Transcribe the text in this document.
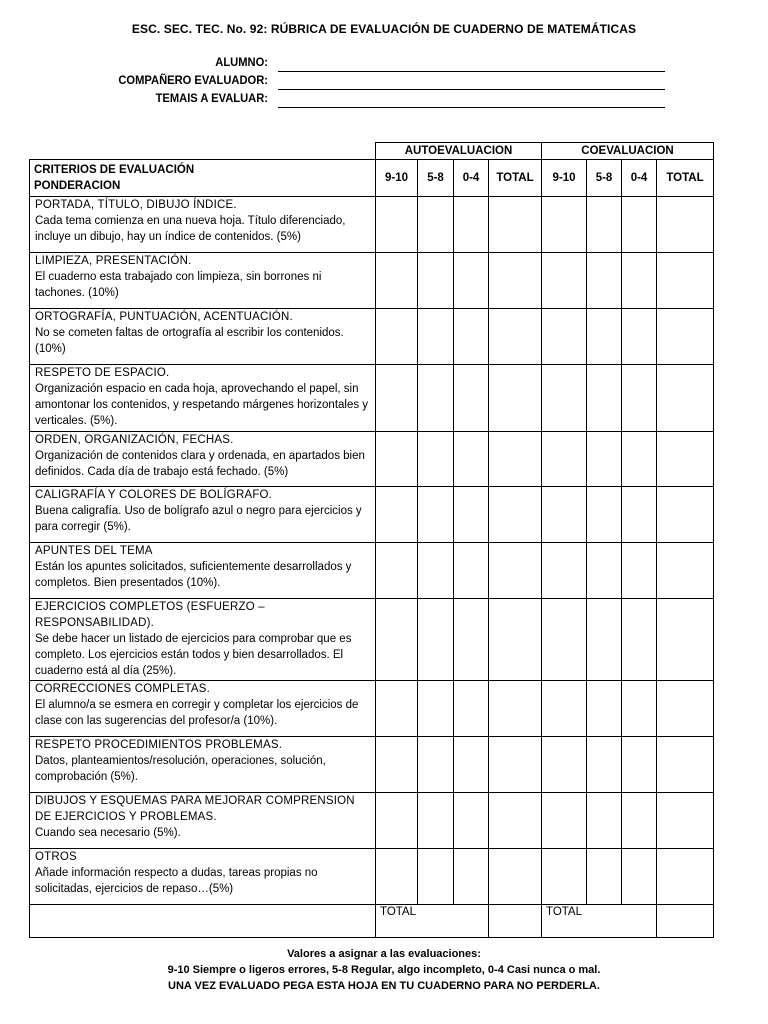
ESC. SEC. TEC. No. 92: RÚBRICA DE EVALUACIÓN DE CUADERNO DE MATEMÁTICAS
ALUMNO:
COMPAÑERO EVALUADOR:
TEMAIS A EVALUAR:
	AUTOEVALUACION				COEVALUACION			

CRITERIOS DE EVALUACIÓN
PONDERACION	9-10	5-8	0-4	TOTAL	9-10	5-8	0-4	TOTAL

PORTADA, TÍTULO, DIBUJO ÍNDICE.
Cada tema comienza en una nueva hoja. Título diferenciado, incluye un dibujo, hay un índice de contenidos. (5%)								

LIMPIEZA, PRESENTACIÓN.
El cuaderno esta trabajado con limpieza, sin borrones ni tachones. (10%)								

ORTOGRAFÍA, PUNTUACIÓN, ACENTUACIÓN.
No se cometen faltas de ortografía al escribir los contenidos. (10%)								

RESPETO DE ESPACIO.
Organización espacio en cada hoja, aprovechando el papel, sin amontonar los contenidos, y respetando márgenes horizontales y verticales. (5%).								

ORDEN, ORGANIZACIÓN, FECHAS.
Organización de contenidos clara y ordenada, en apartados bien definidos. Cada día de trabajo está fechado. (5%)								

CALIGRAFÍA Y COLORES DE BOLÍGRAFO.
Buena caligrafía. Uso de bolígrafo azul o negro para ejercicios y para corregir (5%).								

APUNTES DEL TEMA
Están los apuntes solicitados, suficientemente desarrollados y completos. Bien presentados (10%).								

EJERCICIOS COMPLETOS (ESFUERZO – RESPONSABILIDAD).
Se debe hacer un listado de ejercicios para comprobar que es completo. Los ejercicios están todos y bien desarrollados. El cuaderno está al día (25%).								

CORRECCIONES COMPLETAS.
El alumno/a se esmera en corregir y completar los ejercicios de clase con las sugerencias del profesor/a (10%).								

RESPETO PROCEDIMIENTOS PROBLEMAS.
Datos, planteamientos/resolución, operaciones, solución, comprobación (5%).								

DIBUJOS Y ESQUEMAS PARA MEJORAR COMPRENSION DE EJERCICIOS Y PROBLEMAS.
Cuando sea necesario (5%).								

OTROS
Añade información respecto a dudas, tareas propias no solicitadas, ejercicios de repaso…(5%)								

	TOTAL				TOTAL			
Valores a asignar a las evaluaciones:
9-10 Siempre o ligeros errores, 5-8 Regular, algo incompleto, 0-4 Casi nunca o mal.
UNA VEZ EVALUADO PEGA ESTA HOJA EN TU CUADERNO PARA NO PERDERLA.
